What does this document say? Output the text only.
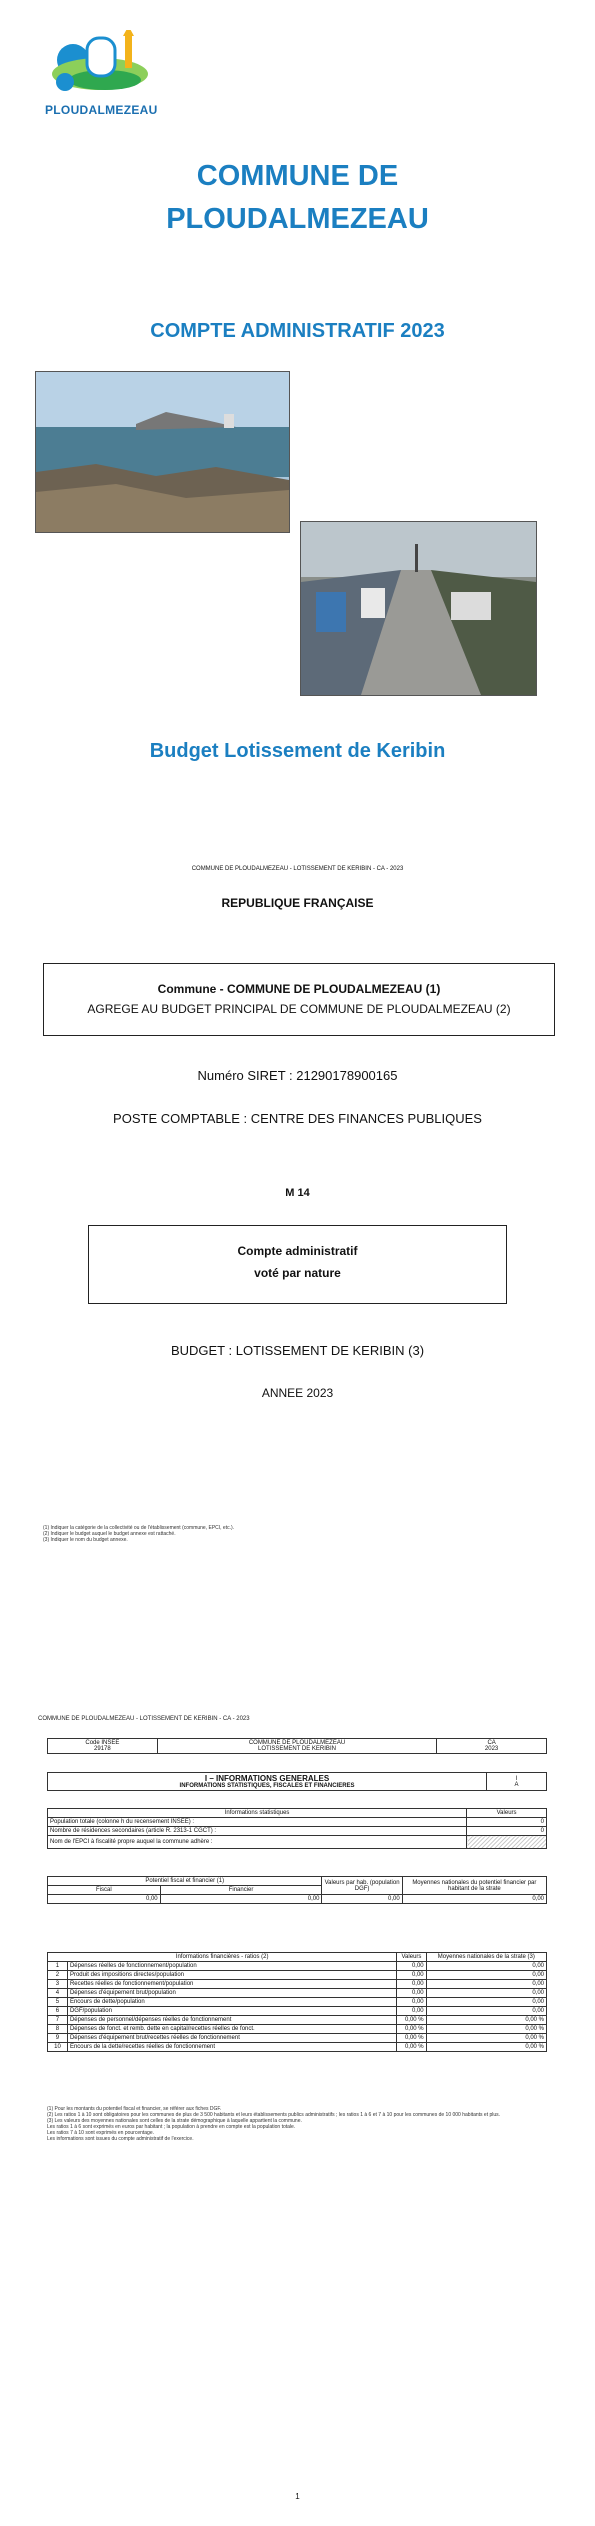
PLOUDALMEZEAU
COMMUNE DE
PLOUDALMEZEAU
COMPTE ADMINISTRATIF 2023
Budget Lotissement de Keribin
COMMUNE DE PLOUDALMEZEAU - LOTISSEMENT DE KERIBIN - CA - 2023
REPUBLIQUE FRANÇAISE
Commune - COMMUNE DE PLOUDALMEZEAU (1)
AGREGE AU BUDGET PRINCIPAL DE COMMUNE DE PLOUDALMEZEAU (2)
Numéro SIRET : 21290178900165
POSTE COMPTABLE : CENTRE DES FINANCES PUBLIQUES
M 14
Compte administratif
voté par nature
BUDGET : LOTISSEMENT DE KERIBIN (3)
ANNEE 2023
(1) Indiquer la catégorie de la collectivité ou de l'établissement (commune, EPCI, etc.).
(2) Indiquer le budget auquel le budget annexe est rattaché.
(3) Indiquer le nom du budget annexe.
COMMUNE DE PLOUDALMEZEAU - LOTISSEMENT DE KERIBIN - CA - 2023
Code INSEE
29178

COMMUNE DE PLOUDALMEZEAU
LOTISSEMENT DE KERIBIN

CA
2023
I – INFORMATIONS GENERALES
INFORMATIONS STATISTIQUES, FISCALES ET FINANCIERES

I
A
Informations statistiques	Valeurs
Population totale (colonne h du recensement INSEE) :	0
Nombre de résidences secondaires (article R. 2313-1 CGCT) :	0
Nom de l'EPCI à fiscalité propre auquel la commune adhère :	
Potentiel fiscal et financier (1)		Valeurs par hab. (population DGF)	Moyennes nationales du potentiel financier par habitant de la strate
Fiscal	Financier		
0,00	0,00	0,00	0,00
Informations financières - ratios (2)		Valeurs	Moyennes nationales de la strate (3)
1	Dépenses réelles de fonctionnement/population	0,00	0,00
2	Produit des impositions directes/population	0,00	0,00
3	Recettes réelles de fonctionnement/population	0,00	0,00
4	Dépenses d'équipement brut/population	0,00	0,00
5	Encours de dette/population	0,00	0,00
6	DGF/population	0,00	0,00
7	Dépenses de personnel/dépenses réelles de fonctionnement	0,00 %	0,00 %
8	Dépenses de fonct. et remb. dette en capital/recettes réelles de fonct.	0,00 %	0,00 %
9	Dépenses d'équipement brut/recettes réelles de fonctionnement	0,00 %	0,00 %
10	Encours de la dette/recettes réelles de fonctionnement	0,00 %	0,00 %
(1) Pour les montants du potentiel fiscal et financier, se référer aux fiches DGF.
(2) Les ratios 1 à 10 sont obligatoires pour les communes de plus de 3 500 habitants et leurs établissements publics administratifs ; les ratios 1 à 6 et 7 à 10 pour les communes de 10 000 habitants et plus.
(3) Les valeurs des moyennes nationales sont celles de la strate démographique à laquelle appartient la commune.
Les ratios 1 à 6 sont exprimés en euros par habitant ; la population à prendre en compte est la population totale.
Les ratios 7 à 10 sont exprimés en pourcentage.
Les informations sont issues du compte administratif de l'exercice.
1
